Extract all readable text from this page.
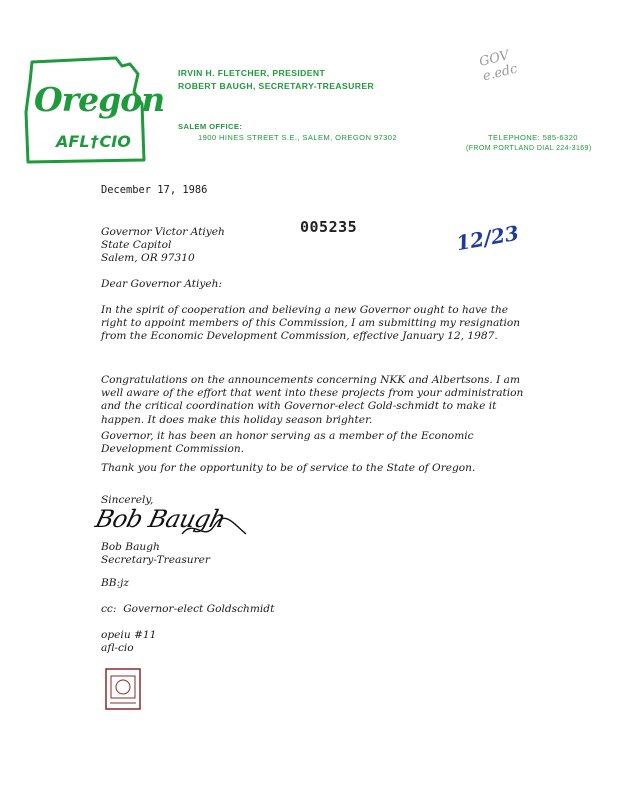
Oregon
AFL†CIO
IRVIN H. FLETCHER, PRESIDENT
ROBERT BAUGH, SECRETARY-TREASURER
SALEM OFFICE:
1900 HINES STREET S.E., SALEM, OREGON 97302	TELEPHONE: 585-6320
(FROM PORTLAND DIAL 224-3169)
GOV
e.edc
005235	12/23
December 17, 1986

Governor Victor Atiyeh

State Capitol

Salem, OR 97310

Dear Governor Atiyeh:
In the spirit of cooperation and believing a new Governor ought to have the right to appoint members of this Commission, I am submitting my resignation from the Economic Development Commission, effective January 12, 1987.
Congratulations on the announcements concerning NKK and Albertsons. I am well aware of the effort that went into these projects from your administration and the critical coordination with Governor-elect Gold-schmidt to make it happen. It does make this holiday season brighter.
Governor, it has been an honor serving as a member of the Economic Development Commission.
Thank you for the opportunity to be of service to the State of Oregon.
Sincerely,
Bob Baugh

Bob Baugh

Secretary-Treasurer

BB:jz
cc: Governor-elect Goldschmidt

opeiu #11

afl-cio
